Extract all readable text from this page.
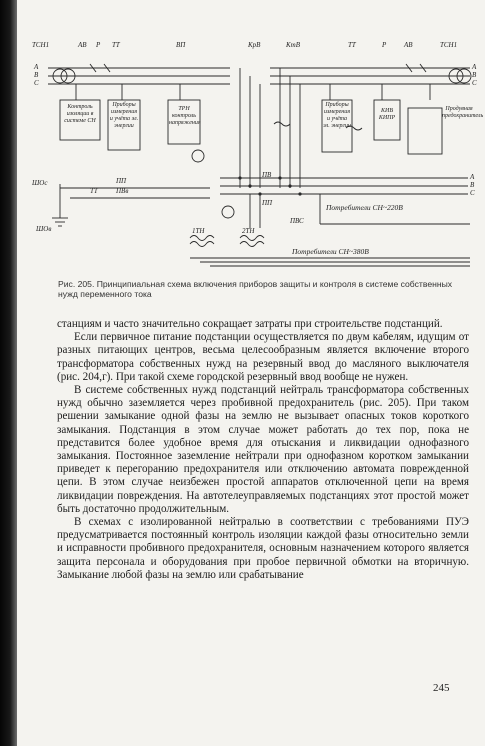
ТСН1	АВ Р ТТ	ВП	КрВ	КтВ	ТТ	Р	АВ	ТСН1
А
В
С
А
В
С
А
В
С
ПВ
ПП
ПВС
ПП
ПВв
ТТ
1ТН	2ТН
ШОс
ШОв
Потребители СН~220В
Потребители СН~380В
Контроль изоляции в системе СН
Приборы измерения и учёта эл. энергии
ТРН контроль напряжения
Приборы измерения и учёта эл. энергии
КИВ КИПР
Продувная предохранитель
Рис. 205. Принципиальная схема включения приборов защиты и контроля в системе собственных нужд переменного тока

станциям и часто значительно сокращает затраты при строительстве подстанций.

Если первичное питание подстанции осуществляется по двум кабелям, идущим от разных питающих центров, весьма целесообразным является включение второго трансформатора собственных нужд на резервный ввод до масляного выключателя (рис. 204,г). При такой схеме городской резервный ввод вообще не нужен.

В системе собственных нужд подстанций нейтраль трансформатора собственных нужд обычно заземляется через пробивной предохранитель (рис. 205). При таком решении замыкание одной фазы на землю не вызывает опасных токов короткого замыкания. Подстанция в этом случае может работать до тех пор, пока не представится более удобное время для отыскания и ликвидации однофазного замыкания. Постоянное заземление нейтрали при однофазном коротком замыкании приведет к перегоранию предохранителя или отключению автомата поврежденной цепи. В этом случае неизбежен простой аппаратов отключенной цепи на время ликвидации повреждения. На автотелеуправляемых подстанциях этот простой может быть достаточно продолжительным.

В схемах с изолированной нейтралью в соответствии с требованиями ПУЭ предусматривается постоянный контроль изоляции каждой фазы относительно земли и исправности пробивного предохранителя, основным назначением которого является защита персонала и оборудования при пробое первичной обмотки на вторичную. Замыкание любой фазы на землю или срабатывание

245
